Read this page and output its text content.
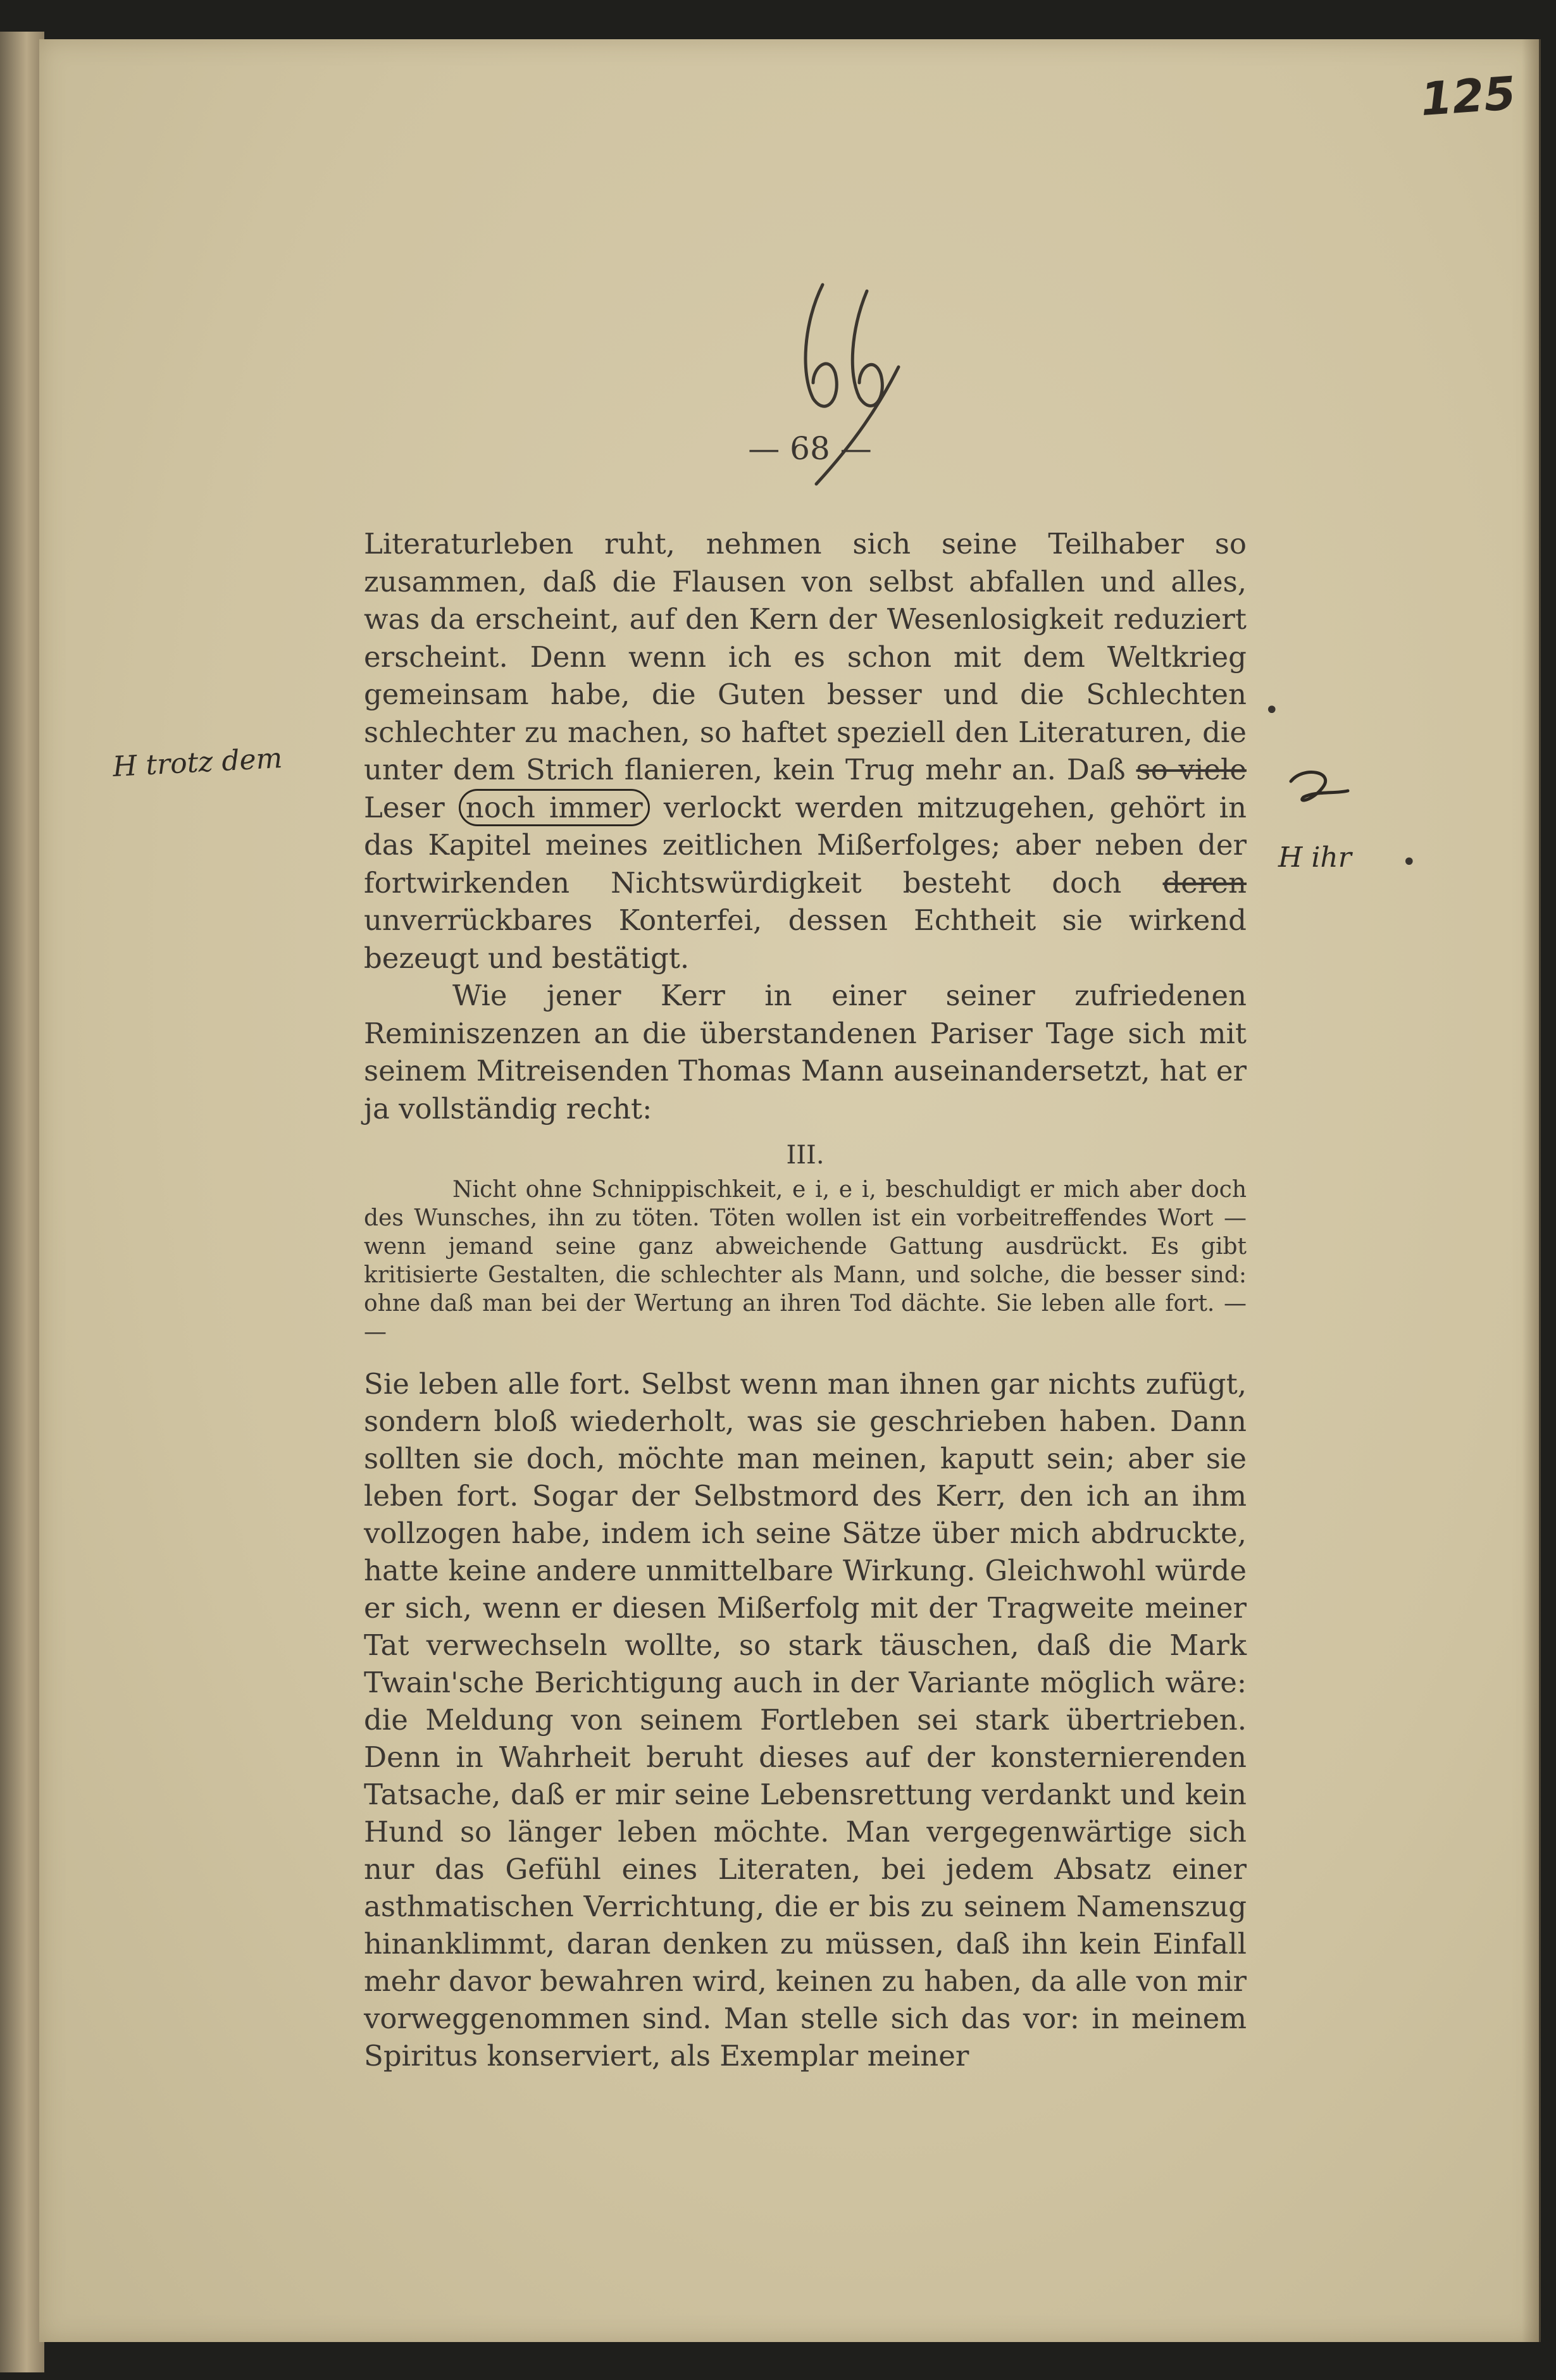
125
— 68 —
H trotz dem
H ihr
•
•

Literaturleben ruht, nehmen sich seine Teilhaber so zusammen, daß die Flausen von selbst abfallen und alles, was da erscheint, auf den Kern der Wesenlosigkeit reduziert erscheint. Denn wenn ich es schon mit dem Weltkrieg gemeinsam habe, die Guten besser und die Schlechten schlechter zu machen, so haftet speziell den Literaturen, die unter dem Strich flanieren, kein Trug mehr an. Daß so viele Leser noch immer verlockt werden mitzugehen, gehört in das Kapitel meines zeitlichen Mißerfolges; aber neben der fortwirkenden Nichtswürdigkeit besteht doch deren unverrückbares Konterfei, dessen Echtheit sie wirkend bezeugt und bestätigt.

Wie jener Kerr in einer seiner zufriedenen Reminiszenzen an die überstandenen Pariser Tage sich mit seinem Mitreisenden Thomas Mann auseinandersetzt, hat er ja vollständig recht:

III.

Nicht ohne Schnippischkeit, e i, e i, beschuldigt er mich aber doch des Wunsches, ihn zu töten. Töten wollen ist ein vorbeitreffendes Wort — wenn jemand seine ganz abweichende Gattung ausdrückt. Es gibt kritisierte Gestalten, die schlechter als Mann, und solche, die besser sind: ohne daß man bei der Wertung an ihren Tod dächte. Sie leben alle fort. — —

Sie leben alle fort. Selbst wenn man ihnen gar nichts zufügt, sondern bloß wiederholt, was sie geschrieben haben. Dann sollten sie doch, möchte man meinen, kaputt sein; aber sie leben fort. Sogar der Selbstmord des Kerr, den ich an ihm vollzogen habe, indem ich seine Sätze über mich abdruckte, hatte keine andere unmittelbare Wirkung. Gleichwohl würde er sich, wenn er diesen Mißerfolg mit der Tragweite meiner Tat verwechseln wollte, so stark täuschen, daß die Mark Twain'sche Berichtigung auch in der Variante möglich wäre: die Meldung von seinem Fortleben sei stark übertrieben. Denn in Wahrheit beruht dieses auf der konsternierenden Tatsache, daß er mir seine Lebensrettung verdankt und kein Hund so länger leben möchte. Man vergegenwärtige sich nur das Gefühl eines Literaten, bei jedem Absatz einer asthmatischen Verrichtung, die er bis zu seinem Namenszug hinanklimmt, daran denken zu müssen, daß ihn kein Einfall mehr davor bewahren wird, keinen zu haben, da alle von mir vorweggenommen sind. Man stelle sich das vor: in meinem Spiritus konserviert, als Exemplar meiner
